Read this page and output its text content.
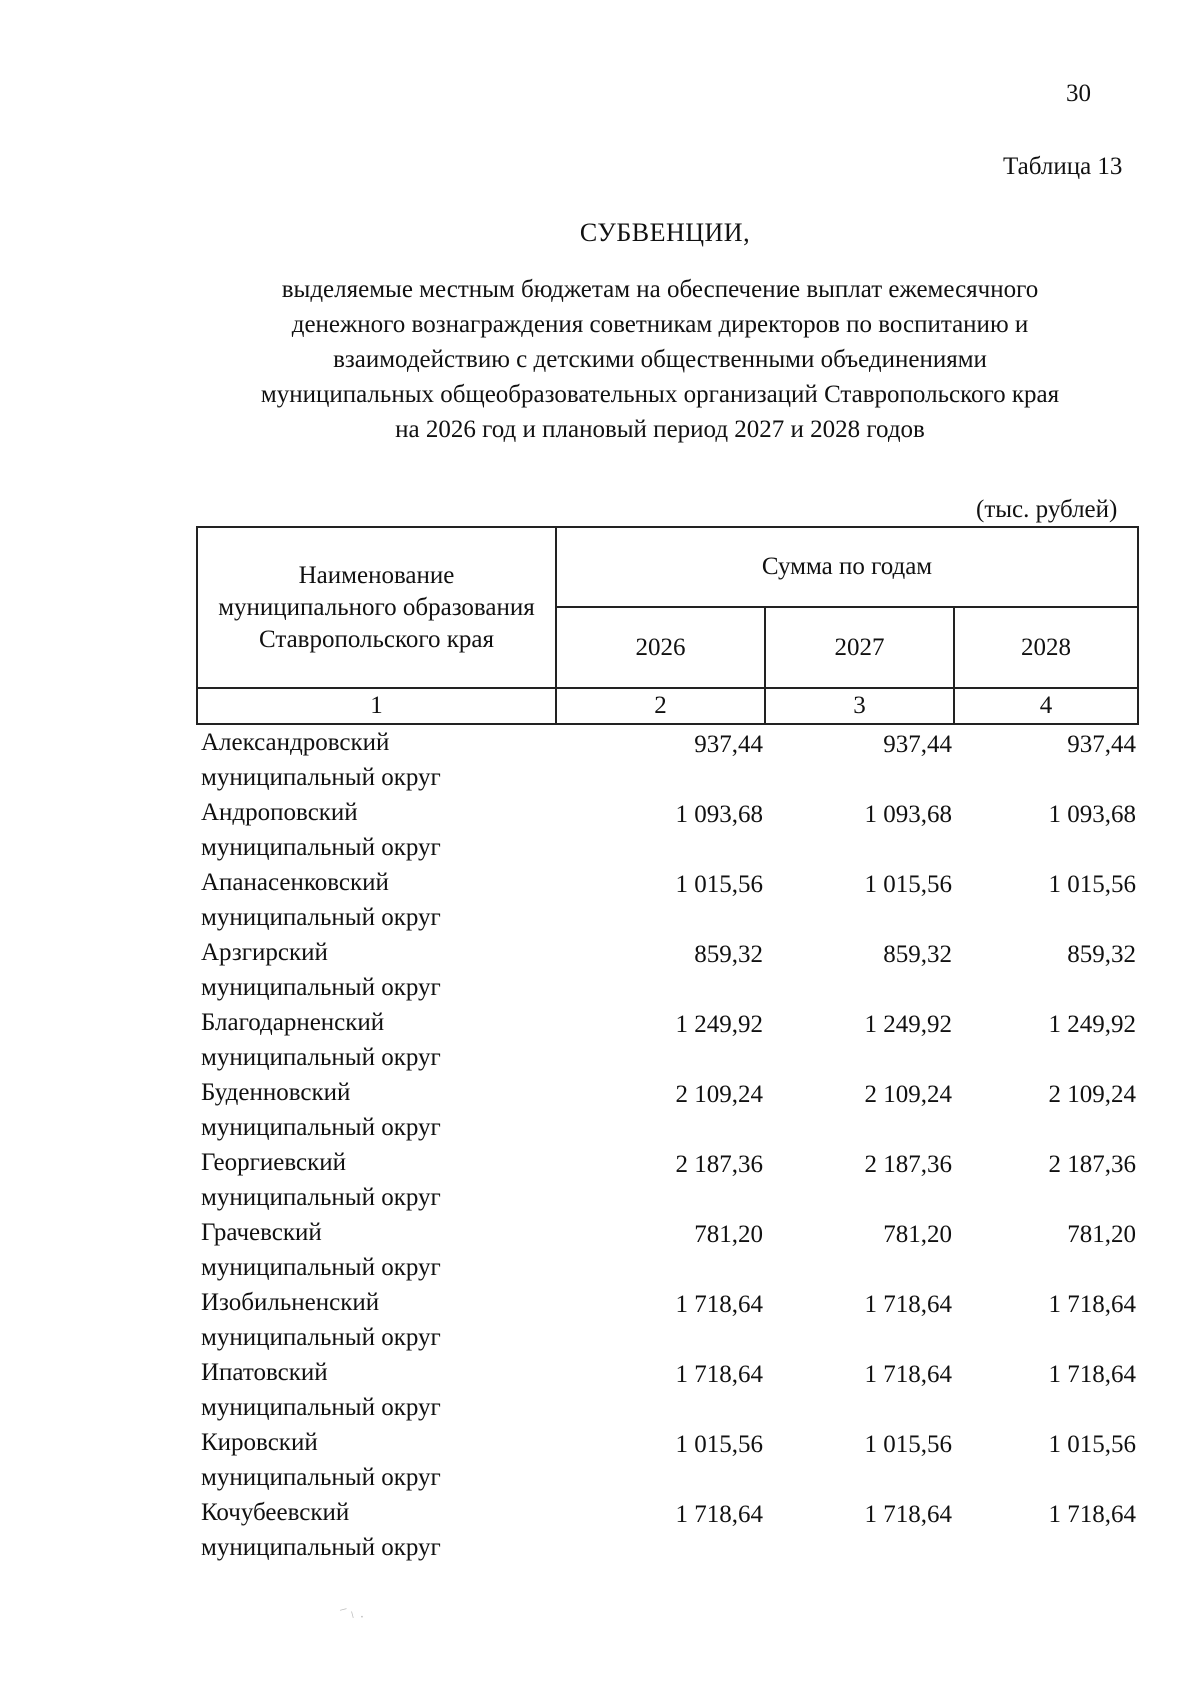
30
Таблица 13
СУБВЕНЦИИ,
выделяемые местным бюджетам на обеспечение выплат ежемесячного
денежного вознаграждения советникам директоров по воспитанию и
взаимодействию с детскими общественными объединениями
муниципальных общеобразовательных организаций Ставропольского края
на 2026 год и плановый период 2027 и 2028 годов
(тыс. рублей)
Наименование муниципального образования Ставропольского края	Сумма по годам		
	2026	2027	2028
1	2	3	4

Александровский
муниципальный округ	937,44	937,44	937,44

Андроповский
муниципальный округ	1 093,68	1 093,68	1 093,68

Апанасенковский
муниципальный округ	1 015,56	1 015,56	1 015,56

Арзгирский
муниципальный округ	859,32	859,32	859,32

Благодарненский
муниципальный округ	1 249,92	1 249,92	1 249,92

Буденновский
муниципальный округ	2 109,24	2 109,24	2 109,24

Георгиевский
муниципальный округ	2 187,36	2 187,36	2 187,36

Грачевский
муниципальный округ	781,20	781,20	781,20

Изобильненский
муниципальный округ	1 718,64	1 718,64	1 718,64

Ипатовский
муниципальный округ	1 718,64	1 718,64	1 718,64

Кировский
муниципальный округ	1 015,56	1 015,56	1 015,56

Кочубеевский
муниципальный округ	1 718,64	1 718,64	1 718,64
⸝ ⸜ ·
